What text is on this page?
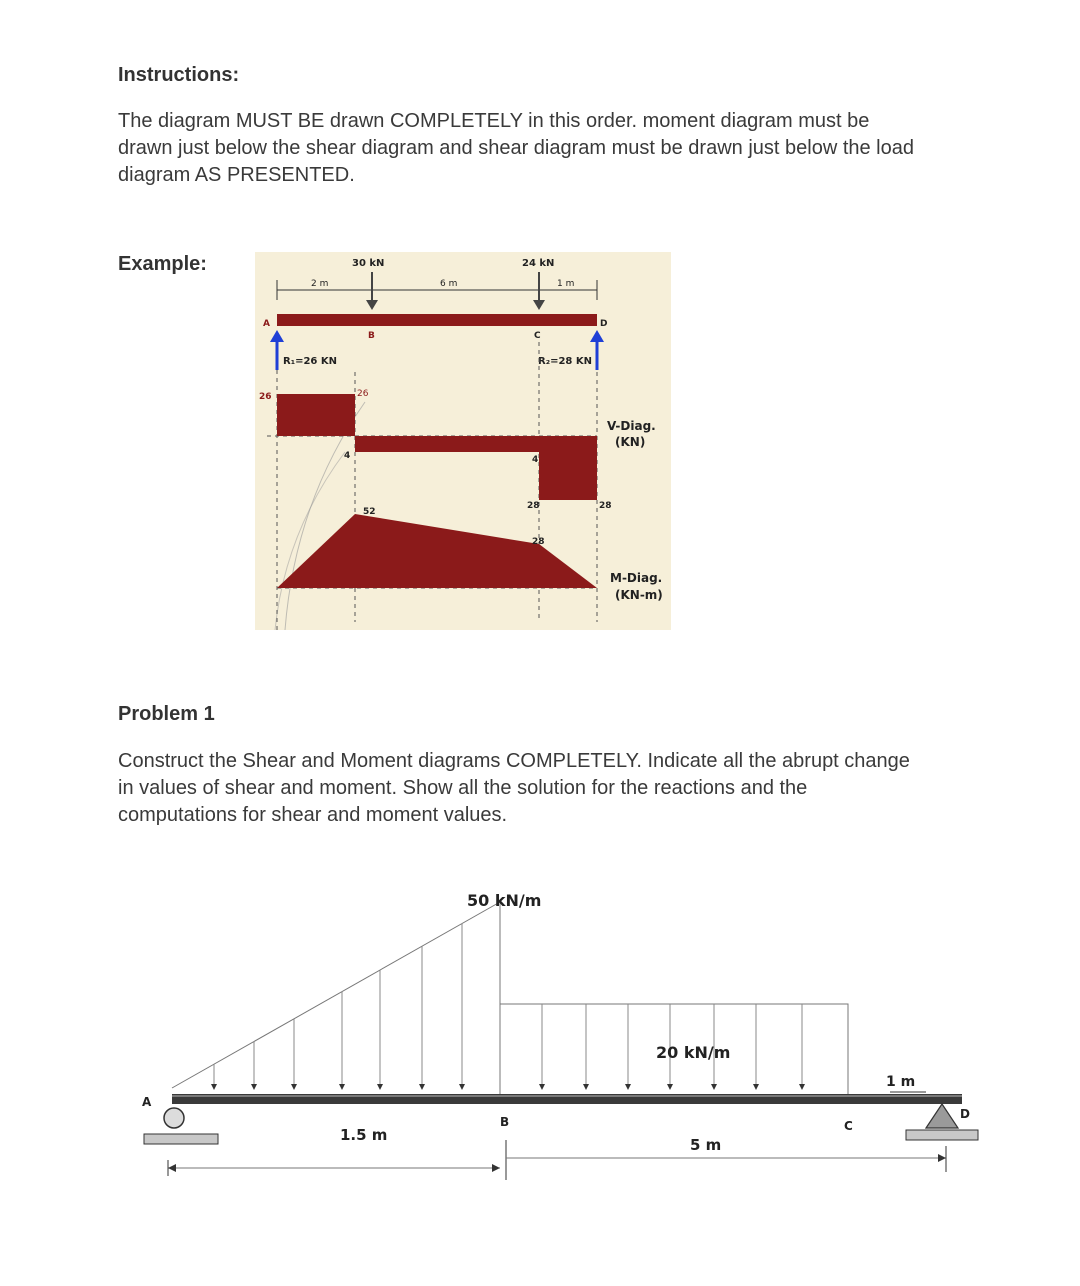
Instructions:
The diagram MUST BE drawn COMPLETELY in this order. moment diagram must be
drawn just below the shear diagram and shear diagram must be drawn just below the load
diagram AS PRESENTED.
Example:	30 kN	24 kN
2 m	6 m	1 m
A
B	C
D
R₁=26 KN	R₂=28 KN
26	26
4	4
28	28
V-Diag.
(KN)
52
28
M-Diag.
(KN-m)
Problem 1
Construct the Shear and Moment diagrams COMPLETELY. Indicate all the abrupt change
in values of shear and moment. Show all the solution for the reactions and the
computations for shear and moment values.
50 kN/m
20 kN/m
A
D
B	C
1 m
1.5 m
5 m
